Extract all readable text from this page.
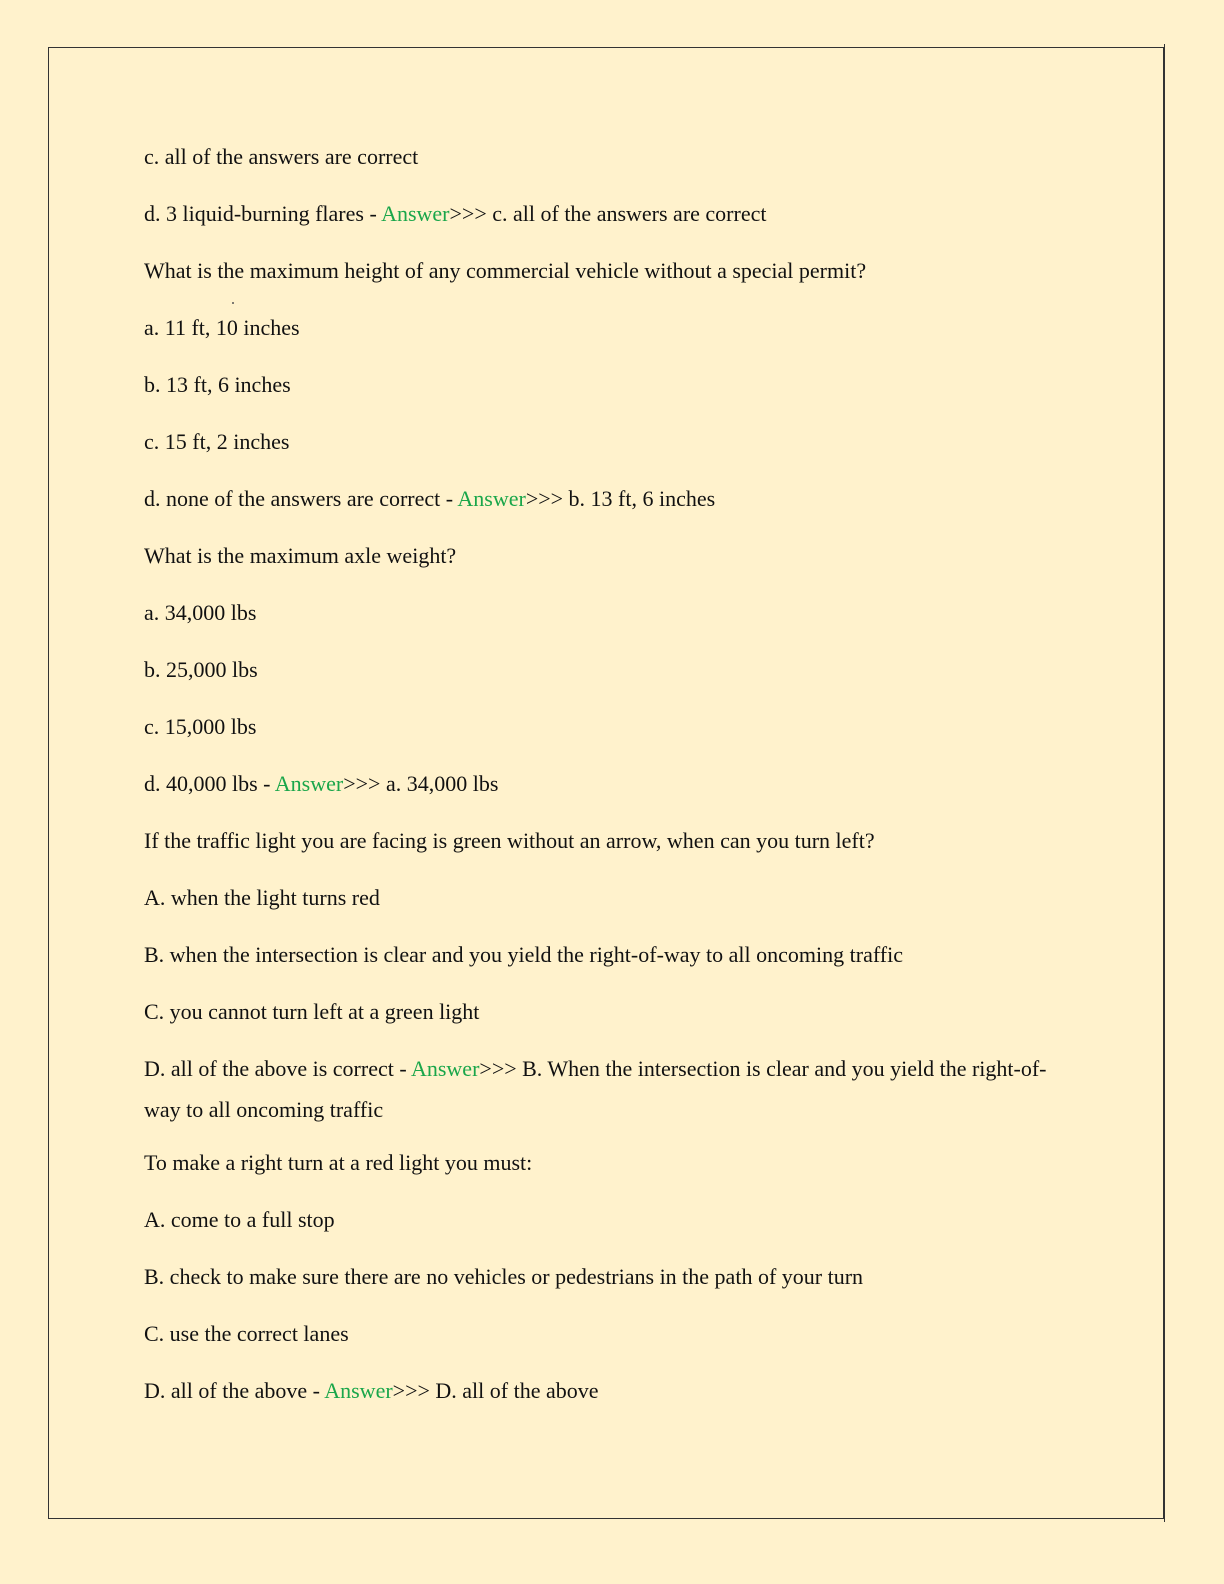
c. all of the answers are correct
d. 3 liquid-burning flares - Answer>>> c. all of the answers are correct
What is the maximum height of any commercial vehicle without a special permit?
a. 11 ft, 10 inches
b. 13 ft, 6 inches
c. 15 ft, 2 inches
d. none of the answers are correct - Answer>>> b. 13 ft, 6 inches
What is the maximum axle weight?
a. 34,000 lbs
b. 25,000 lbs
c. 15,000 lbs
d. 40,000 lbs - Answer>>> a. 34,000 lbs
If the traffic light you are facing is green without an arrow, when can you turn left?
A. when the light turns red
B. when the intersection is clear and you yield the right-of-way to all oncoming traffic
C. you cannot turn left at a green light
D. all of the above is correct - Answer>>> B. When the intersection is clear and you yield the right-of-way to all oncoming traffic
To make a right turn at a red light you must:
A. come to a full stop
B. check to make sure there are no vehicles or pedestrians in the path of your turn
C. use the correct lanes
D. all of the above - Answer>>> D. all of the above
